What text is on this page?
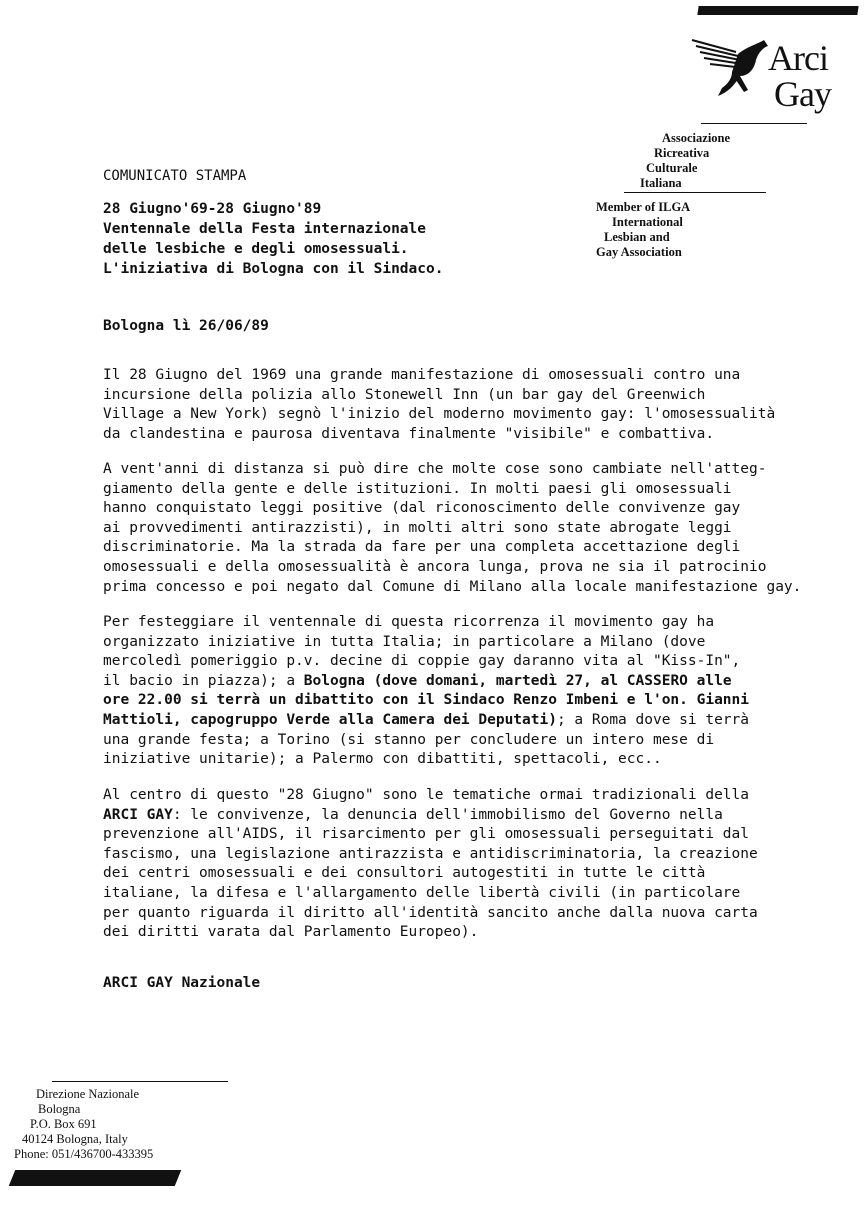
Arci
Gay
Associazione
Ricreativa
Culturale
Italiana
Member of ILGA
International
Lesbian and
Gay Association
COMUNICATO STAMPA
28 Giugno'69-28 Giugno'89
Ventennale della Festa internazionale
delle lesbiche e degli omosessuali.
L'iniziativa di Bologna con il Sindaco.
Bologna lì 26/06/89
Il 28 Giugno del 1969 una grande manifestazione di omosessuali contro una
incursione della polizia allo Stonewell Inn (un bar gay del Greenwich
Village a New York) segnò l'inizio del moderno movimento gay: l'omosessualità
da clandestina e paurosa diventava finalmente "visibile" e combattiva.
A vent'anni di distanza si può dire che molte cose sono cambiate nell'atteg-
giamento della gente e delle istituzioni. In molti paesi gli omosessuali
hanno conquistato leggi positive (dal riconoscimento delle convivenze gay
ai provvedimenti antirazzisti), in molti altri sono state abrogate leggi
discriminatorie. Ma la strada da fare per una completa accettazione degli
omosessuali e della omosessualità è ancora lunga, prova ne sia il patrocinio
prima concesso e poi negato dal Comune di Milano alla locale manifestazione gay.
Per festeggiare il ventennale di questa ricorrenza il movimento gay ha
organizzato iniziative in tutta Italia; in particolare a Milano (dove
mercoledì pomeriggio p.v. decine di coppie gay daranno vita al "Kiss-In",
il bacio in piazza); a Bologna (dove domani, martedì 27, al CASSERO alle
ore 22.00 si terrà un dibattito con il Sindaco Renzo Imbeni e l'on. Gianni
Mattioli, capogruppo Verde alla Camera dei Deputati); a Roma dove si terrà
una grande festa; a Torino (si stanno per concludere un intero mese di
iniziative unitarie); a Palermo con dibattiti, spettacoli, ecc..
Al centro di questo "28 Giugno" sono le tematiche ormai tradizionali della
ARCI GAY: le convivenze, la denuncia dell'immobilismo del Governo nella
prevenzione all'AIDS, il risarcimento per gli omosessuali perseguitati dal
fascismo, una legislazione antirazzista e antidiscriminatoria, la creazione
dei centri omosessuali e dei consultori autogestiti in tutte le città
italiane, la difesa e l'allargamento delle libertà civili (in particolare
per quanto riguarda il diritto all'identità sancito anche dalla nuova carta
dei diritti varata dal Parlamento Europeo).
ARCI GAY Nazionale
Direzione Nazionale
Bologna
P.O. Box 691
40124 Bologna, Italy
Phone: 051/436700-433395
